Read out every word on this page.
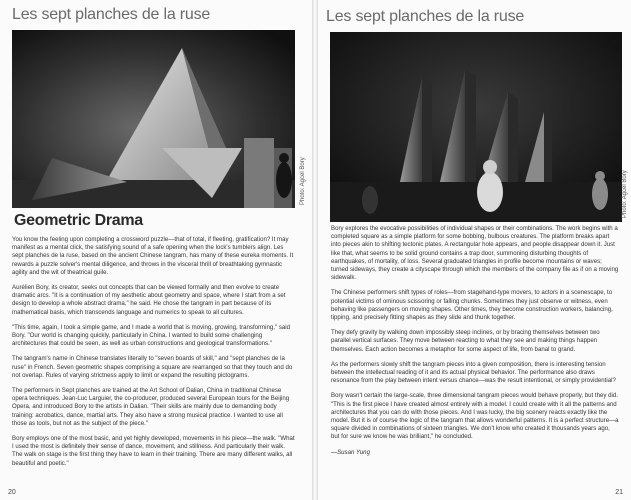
Les sept planches de la ruse
Photo: Agcel Bory
Geometric Drama

You know the feeling upon completing a crossword puzzle—that of total, if fleeting, gratification? It may manifest as a mental click, the satisfying sound of a safe opening when the lock's tumblers align. Les sept planches de la ruse, based on the ancient Chinese tangram, has many of these eureka moments. It rewards a puzzle solver's mental diligence, and throws in the visceral thrill of breathtaking gymnastic agility and the wit of theatrical guile.

Aurélien Bory, its creator, seeks out concepts that can be viewed formally and then evolve to create dramatic arcs. "It is a continuation of my aesthetic about geometry and space, where I start from a set design to develop a whole abstract drama," he said. He chose the tangram in part because of its mathematical basis, which transcends language and numerics to speak to all cultures.

"This time, again, I took a simple game, and I made a world that is moving, growing, transforming," said Bory. "Our world is changing quickly, particularly in China. I wanted to build some challenging architectures that could be seen, as well as urban constructions and geological transformations."

The tangram's name in Chinese translates literally to "seven boards of skill," and "sept planches de la ruse" in French. Seven geometric shapes comprising a square are rearranged so that they touch and do not overlap. Rules of varying strictness apply to limit or expand the resulting pictograms.

The performers in Sept planches are trained at the Art School of Dalian, China in traditional Chinese opera techniques. Jean-Luc Larguier, the co-producer, produced several European tours for the Beijing Opera, and introduced Bory to the artists in Dalian. "Their skills are mainly due to demanding body training: acrobatics, dance, martial arts. They also have a strong musical practice. I wanted to use all those as tools, but not as the subject of the piece."

Bory employs one of the most basic, and yet highly developed, movements in his piece—the walk. "What I used the most is definitely their sense of dance, movement, and stillness. And particularly their walk. The walk on stage is the first thing they have to learn in their training. There are many different walks, all beautiful and poetic."

20
Les sept planches de la ruse
Photo: Agcel Bory

Bory explores the evocative possibilities of individual shapes or their combinations. The work begins with a completed square as a simple platform for some bobbing, bulbous creatures. The platform breaks apart into pieces akin to shifting tectonic plates. A rectangular hole appears, and people disappear down it. Just like that, what seems to be solid ground contains a trap door, summoning disturbing thoughts of earthquakes, of mortality, of loss. Several graduated triangles in profile become mountains or waves; turned sideways, they create a cityscape through which the members of the company file as if on a moving sidewalk.

The Chinese performers shift types of roles—from stagehand-type movers, to actors in a scenescape, to potential victims of ominous scissoring or falling chunks. Sometimes they just observe or witness, even behaving like passengers on moving shapes. Other times, they become construction workers, balancing, tipping, and precisely fitting shapes as they slide and thunk together.

They defy gravity by walking down impossibly steep inclines, or by bracing themselves between two parallel vertical surfaces. They move between reacting to what they see and making things happen themselves. Each action becomes a metaphor for some aspect of life, from banal to grand.

As the performers slowly shift the tangram pieces into a given composition, there is interesting tension between the intellectual reading of it and its actual physical behavior. The performance also draws resonance from the play between intent versus chance—was the result intentional, or simply providential?

Bory wasn't certain the large-scale, three dimensional tangram pieces would behave properly, but they did. "This is the first piece I have created almost entirely with a model. I could create with it all the patterns and architectures that you can do with those pieces. And I was lucky, the big scenery reacts exactly like the model. But it is of course the logic of the tangram that allows wonderful patterns. It is a perfect structure—a square divided in combinations of sixteen triangles. We don't know who created it thousands years ago, but for sure we know he was brilliant," he concluded.

—Susan Yung

21
